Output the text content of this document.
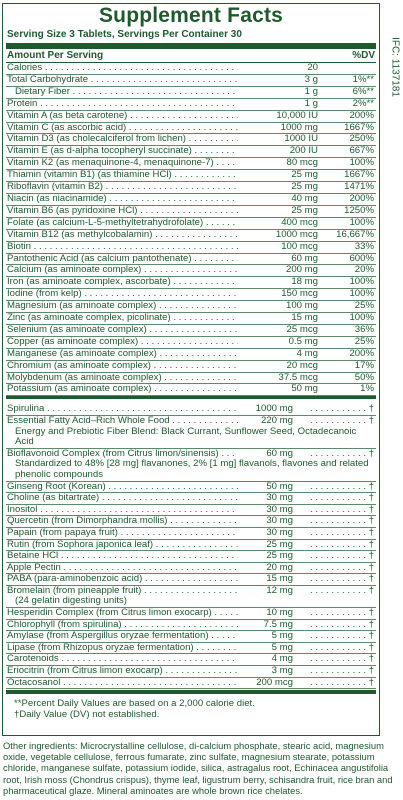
Supplement Facts
Serving Size 3 Tablets, Servings Per Container 30
Amount Per Serving	%DV
Calories . . .	20
Total Carbohydrate . . .	3 g	1%**
Dietary Fiber . . .	1 g	6%**
Protein . . .	1 g	2%**
Vitamin A (as beta carotene) . . .	10,000 IU	200%
Vitamin C (as ascorbic acid) . . .	1000 mg	1667%
Vitamin D3 (as cholecalciferol from lichen) . . .	1000 IU	250%
Vitamin E (as d-alpha tocopheryl succinate) . . .	200 IU	667%
Vitamin K2 (as menaquinone-4, menaquinone-7) . . .	80 mcg	100%
Thiamin (vitamin B1) (as thiamine HCl) . . .	25 mg	1667%
Riboflavin (vitamin B2) . . .	25 mg	1471%
Niacin (as niacinamide) . . .	40 mg	200%
Vitamin B6 (as pyridoxine HCl) . . .	25 mg	1250%
Folate (as calcium-L-5-methyltetrahydrofolate) . . .	400 mcg	100%
Vitamin B12 (as methylcobalamin) . . .	1000 mcg	16,667%
Biotin . . .	100 mcg	33%
Pantothenic Acid (as calcium pantothenate) . . .	60 mg	600%
Calcium (as aminoate complex) . . .	200 mg	20%
Iron (as aminoate complex, ascorbate) . . .	18 mg	100%
Iodine (from kelp) . . .	150 mcg	100%
Magnesium (as aminoate complex) . . .	100 mg	25%
Zinc (as aminoate complex, picolinate) . . .	15 mg	100%
Selenium (as aminoate complex) . . .	25 mcg	36%
Copper (as aminoate complex) . . .	0.5 mg	25%
Manganese (as aminoate complex) . . .	4 mg	200%
Chromium (as aminoate complex) . . .	20 mcg	17%
Molybdenum (as aminoate complex) . . .	37.5 mcg	50%
Potassium (as aminoate complex) . . .	50 mg	1%
Spirulina . . .	1000 mg	. . . †
Essential Fatty Acid–Rich Whole Food . . .	220 mg	. . . †
Energy and Prebiotic Fiber Blend: Black Currant, Sunflower Seed, Octadecanoic Acid
Bioflavonoid Complex (from Citrus limon/sinensis) . . .	60 mg	. . . †
Standardized to 48% [28 mg] flavanones, 2% [1 mg] flavanols, flavones and related phenolic compounds
Ginseng Root (Korean) . . .	50 mg	. . . †
Choline (as bitartrate) . . .	30 mg	. . . †
Inositol . . .	30 mg	. . . †
Quercetin (from Dimorphandra mollis) . . .	30 mg	. . . †
Papain (from papaya fruit) . . .	30 mg	. . . †
Rutin (from Sophora japonica leaf) . . .	25 mg	. . . †
Betaine HCl . . .	25 mg	. . . †
Apple Pectin . . .	20 mg	. . . †
PABA (para-aminobenzoic acid) . . .	15 mg	. . . †
Bromelain (from pineapple fruit) . . .	12 mg	. . . †
(24 gelatin digesting units)
Hesperidin Complex (from Citrus limon exocarp) . . .	10 mg	. . . †
Chlorophyll (from spirulina) . . .	7.5 mg	. . . †
Amylase (from Aspergillus oryzae fermentation) . . .	5 mg	. . . †
Lipase (from Rhizopus oryzae fermentation) . . .	5 mg	. . . †
Carotenoids . . .	4 mg	. . . †
Eriocitrin (from Citrus limon exocarp) . . .	3 mg	. . . †
Octacosanol . . .	200 mcg	. . . †
**Percent Daily Values are based on a 2,000 calorie diet.
†Daily Value (DV) not established.
IFC: 1137181
Other ingredients: Microcrystalline cellulose, di-calcium phosphate, stearic acid, magnesium oxide, vegetable cellulose, ferrous fumarate, zinc sulfate, magnesium stearate, potassium chloride, manganese sulfate, potassium iodide, silica, astragalus root, Echinacea angustifolia root, Irish moss (Chondrus crispus), thyme leaf, ligustrum berry, schisandra fruit, rice bran and pharmaceutical glaze. Mineral aminoates are whole brown rice chelates.
